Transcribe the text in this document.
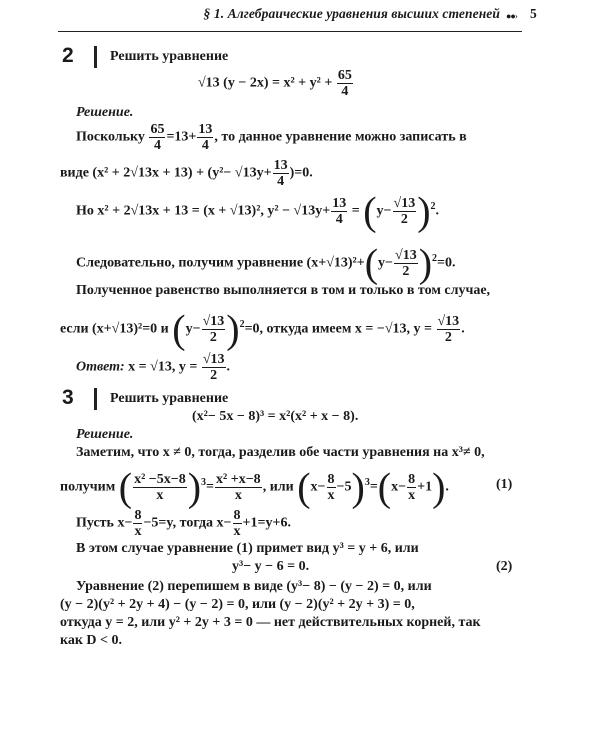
§ 1. Алгебраические уравнения высших степеней ●●› 5
2	Решить уравнение
√13 $(y - 2x) = x^2 + y^2 + \frac{65}{4}$
Решение.
Поскольку $\frac{65}{4} =13+ \frac{13}{4}$ , то данное уравнение можно записать в
виде $(x^2 + 2√13x + 13) + (y^2- √13y+ \frac{13}{4} )=0$.
Но x² + 2√13x + 13 = (x + √13)², $y^2 - √13y+ \frac{13}{4} = (y- \frac{√13}{2} )^2$.
Следовательно, получим уравнение $(x+√13)^2+(y- \frac{√13}{2} )^2=0$.
Полученное равенство выполняется в том и только в том случае,
если (x+√13)²=0 и $(y- \frac{√13}{2} )^2=0$, откуда имеем x = −√13, $y = \frac{√13}{2}$ .
Ответ: x = √13, $y = \frac{√13}{2}$ .
3	Решить уравнение
(x²− 5x − 8)³ = x²(x² + x − 8).
Решение.
Заметим, что x ≠ 0, тогда, разделив обе части уравнения на x³≠ 0,
получим ( $\frac{\text{x² −5x−8}}{x} )^3= \frac{\text{x² +x−8}}{x}$ , или $(x- \frac{8}{x} -5)^3=(x- \frac{8}{x} +1)$.	(1)
Пусть $x- \frac{8}{x} -5=y$, тогда $x- \frac{8}{x} +1=y+6$.
В этом случае уравнение (1) примет вид y³ = y + 6, или
y³− y − 6 = 0.	(2)
Уравнение (2) перепишем в виде (y³− 8) − (y − 2) = 0, или
(y − 2)(y² + 2y + 4) − (y − 2) = 0, или (y − 2)(y² + 2y + 3) = 0,
откуда y = 2, или y² + 2y + 3 = 0 — нет действительных корней, так
как D < 0.
